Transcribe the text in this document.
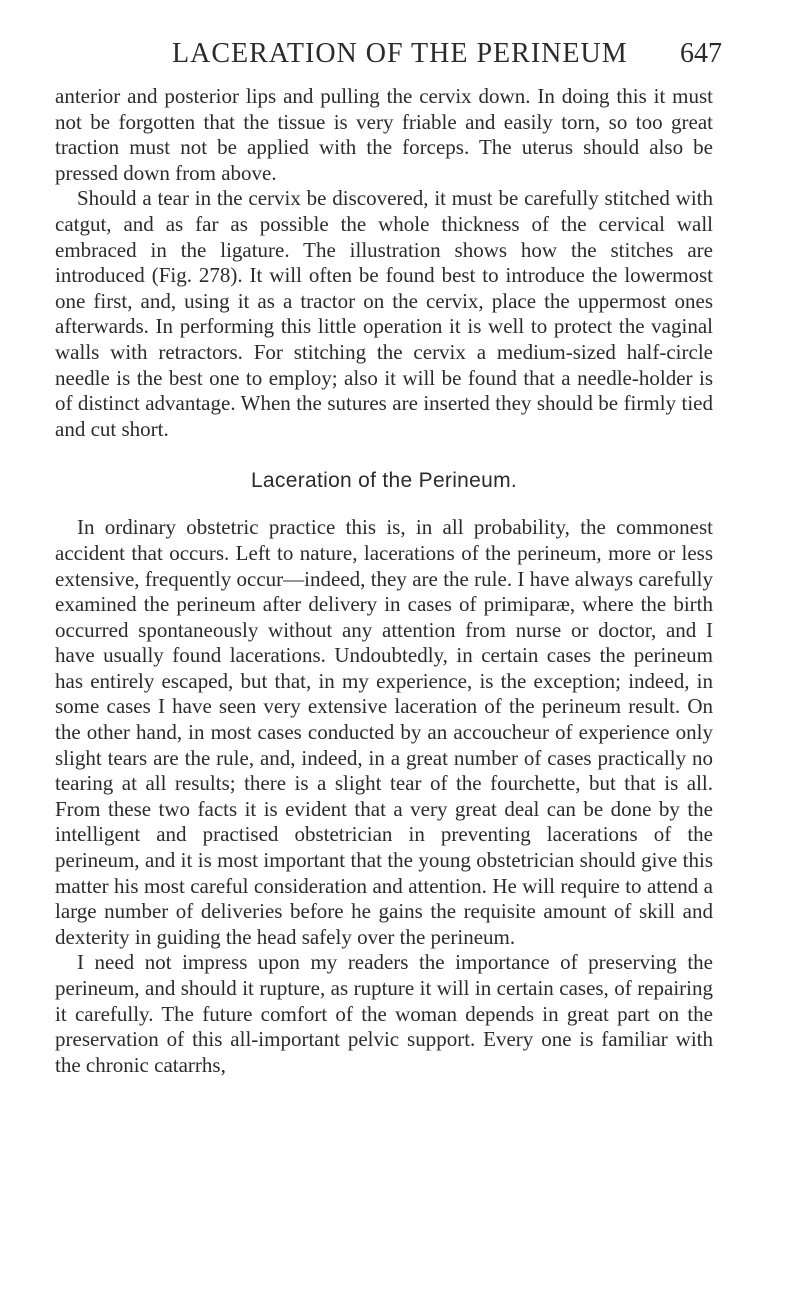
LACERATION OF THE PERINEUM 647

anterior and posterior lips and pulling the cervix down. In doing this it must not be forgotten that the tissue is very friable and easily torn, so too great traction must not be applied with the forceps. The uterus should also be pressed down from above.

Should a tear in the cervix be discovered, it must be carefully stitched with catgut, and as far as possible the whole thickness of the cervical wall embraced in the ligature. The illustration shows how the stitches are introduced (Fig. 278). It will often be found best to introduce the lowermost one first, and, using it as a tractor on the cervix, place the uppermost ones afterwards. In performing this little operation it is well to protect the vaginal walls with retractors. For stitching the cervix a medium-sized half-circle needle is the best one to employ; also it will be found that a needle-holder is of distinct advantage. When the sutures are inserted they should be firmly tied and cut short.

Laceration of the Perineum.

In ordinary obstetric practice this is, in all probability, the commonest accident that occurs. Left to nature, lacerations of the perineum, more or less extensive, frequently occur—indeed, they are the rule. I have always carefully examined the perineum after delivery in cases of primiparæ, where the birth occurred spontaneously without any attention from nurse or doctor, and I have usually found lacerations. Undoubtedly, in certain cases the perineum has entirely escaped, but that, in my experience, is the exception; indeed, in some cases I have seen very extensive laceration of the perineum result. On the other hand, in most cases conducted by an accoucheur of experience only slight tears are the rule, and, indeed, in a great number of cases practically no tearing at all results; there is a slight tear of the fourchette, but that is all. From these two facts it is evident that a very great deal can be done by the intelligent and practised obstetrician in preventing lacerations of the perineum, and it is most important that the young obstetrician should give this matter his most careful consideration and attention. He will require to attend a large number of deliveries before he gains the requisite amount of skill and dexterity in guiding the head safely over the perineum.

I need not impress upon my readers the importance of preserving the perineum, and should it rupture, as rupture it will in certain cases, of repairing it carefully. The future comfort of the woman depends in great part on the preservation of this all-important pelvic support. Every one is familiar with the chronic catarrhs,
